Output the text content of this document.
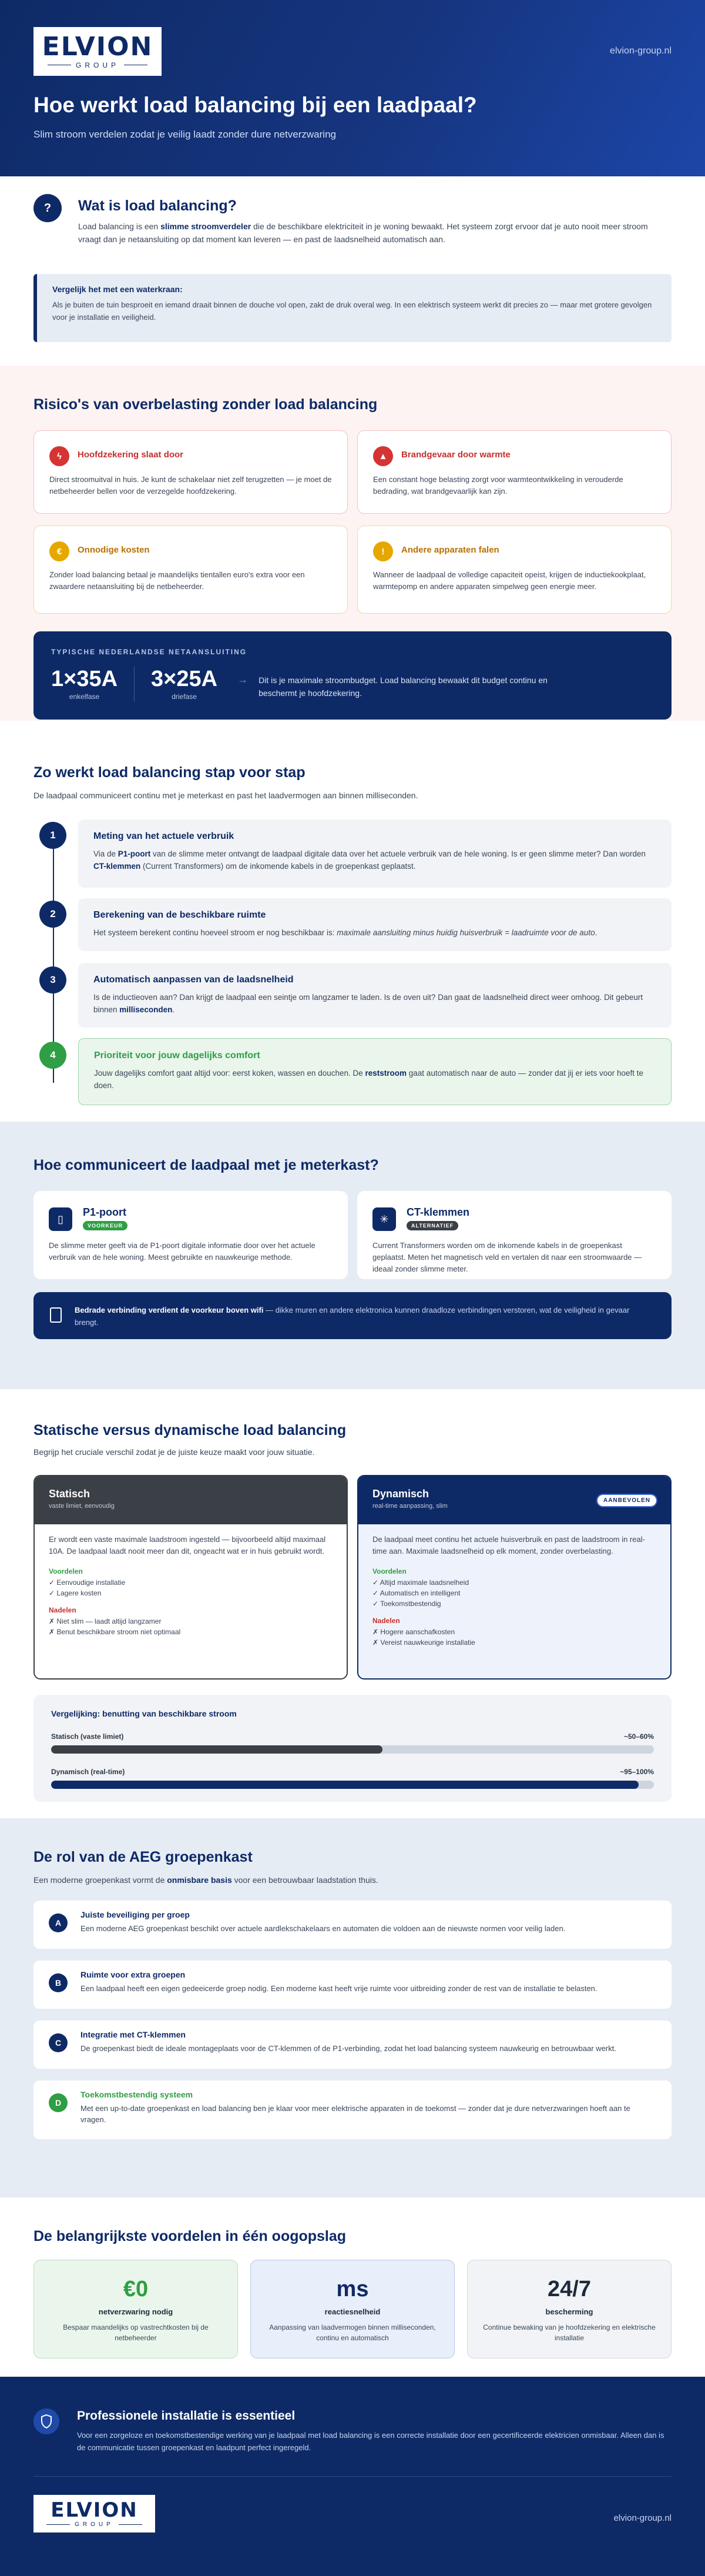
ELVION
GROUP
elvion-group.nl
Hoe werkt load balancing bij een laadpaal?
Slim stroom verdelen zodat je veilig laadt zonder dure netverzwaring
?	Wat is load balancing?
Load balancing is een slimme stroomverdeler die de beschikbare elektriciteit in je woning bewaakt. Het systeem zorgt ervoor dat je auto nooit meer stroom vraagt dan je netaansluiting op dat moment kan leveren — en past de laadsnelheid automatisch aan.
Vergelijk het met een waterkraan:
Als je buiten de tuin besproeit en iemand draait binnen de douche vol open, zakt de druk overal weg. In een elektrisch systeem werkt dit precies zo — maar met grotere gevolgen voor je installatie en veiligheid.
Risico's van overbelasting zonder load balancing
ϟ	Hoofdzekering slaat door
Direct stroomuitval in huis. Je kunt de schakelaar niet zelf terugzetten — je moet de netbeheerder bellen voor de verzegelde hoofdzekering.
▲	Brandgevaar door warmte
Een constant hoge belasting zorgt voor warmteontwikkeling in verouderde bedrading, wat brandgevaarlijk kan zijn.
€	Onnodige kosten
Zonder load balancing betaal je maandelijks tientallen euro's extra voor een zwaardere netaansluiting bij de netbeheerder.
!	Andere apparaten falen
Wanneer de laadpaal de volledige capaciteit opeist, krijgen de inductiekookplaat, warmtepomp en andere apparaten simpelweg geen energie meer.
TYPISCHE NEDERLANDSE NETAANSLUITING
1×35A
enkelfase
3×25A
driefase
→ Dit is je maximale stroombudget. Load balancing bewaakt dit budget continu en beschermt je hoofdzekering.
Zo werkt load balancing stap voor stap
De laadpaal communiceert continu met je meterkast en past het laadvermogen aan binnen milliseconden.
1	Meting van het actuele verbruik
Via de P1-poort van de slimme meter ontvangt de laadpaal digitale data over het actuele verbruik van de hele woning. Is er geen slimme meter? Dan worden CT-klemmen (Current Transformers) om de inkomende kabels in de groepenkast geplaatst.
2	Berekening van de beschikbare ruimte
Het systeem berekent continu hoeveel stroom er nog beschikbaar is: maximale aansluiting minus huidig huisverbruik = laadruimte voor de auto.
3	Automatisch aanpassen van de laadsnelheid
Is de inductieoven aan? Dan krijgt de laadpaal een seintje om langzamer te laden. Is de oven uit? Dan gaat de laadsnelheid direct weer omhoog. Dit gebeurt binnen milliseconden.
4	Prioriteit voor jouw dagelijks comfort
Jouw dagelijks comfort gaat altijd voor: eerst koken, wassen en douchen. De reststroom gaat automatisch naar de auto — zonder dat jij er iets voor hoeft te doen.
Hoe communiceert de laadpaal met je meterkast?
▯
P1-poort
VOORKEUR
De slimme meter geeft via de P1-poort digitale informatie door over het actuele verbruik van de hele woning. Meest gebruikte en nauwkeurige methode.
✳
CT-klemmen
ALTERNATIEF
Current Transformers worden om de inkomende kabels in de groepenkast geplaatst. Meten het magnetisch veld en vertalen dit naar een stroomwaarde — ideaal zonder slimme meter.
Bedrade verbinding verdient de voorkeur boven wifi — dikke muren en andere elektronica kunnen draadloze verbindingen verstoren, wat de veiligheid in gevaar brengt.
Statische versus dynamische load balancing
Begrijp het cruciale verschil zodat je de juiste keuze maakt voor jouw situatie.
Statisch
vaste limiet, eenvoudig
Er wordt een vaste maximale laadstroom ingesteld — bijvoorbeeld altijd maximaal 10A. De laadpaal laadt nooit meer dan dit, ongeacht wat er in huis gebruikt wordt.
Voordelen
✓ Eenvoudige installatie
✓ Lagere kosten
Nadelen
✗ Niet slim — laadt altijd langzamer
✗ Benut beschikbare stroom niet optimaal
Dynamisch
real-time aanpassing, slim
AANBEVOLEN
De laadpaal meet continu het actuele huisverbruik en past de laadstroom in real-time aan. Maximale laadsnelheid op elk moment, zonder overbelasting.
Voordelen
✓ Altijd maximale laadsnelheid
✓ Automatisch en intelligent
✓ Toekomstbestendig
Nadelen
✗ Hogere aanschafkosten
✗ Vereist nauwkeurige installatie
Vergelijking: benutting van beschikbare stroom
Statisch (vaste limiet)	~50–60%
Dynamisch (real-time)	~95–100%
De rol van de AEG groepenkast
Een moderne groepenkast vormt de onmisbare basis voor een betrouwbaar laadstation thuis.
A
Juiste beveiliging per groep
Een moderne AEG groepenkast beschikt over actuele aardlekschakelaars en automaten die voldoen aan de nieuwste normen voor veilig laden.
B
Ruimte voor extra groepen
Een laadpaal heeft een eigen gedeeicerde groep nodig. Een moderne kast heeft vrije ruimte voor uitbreiding zonder de rest van de installatie te belasten.
C
Integratie met CT-klemmen
De groepenkast biedt de ideale montageplaats voor de CT-klemmen of de P1-verbinding, zodat het load balancing systeem nauwkeurig en betrouwbaar werkt.
D
Toekomstbestendig systeem
Met een up-to-date groepenkast en load balancing ben je klaar voor meer elektrische apparaten in de toekomst — zonder dat je dure netverzwaringen hoeft aan te vragen.
De belangrijkste voordelen in één oogopslag
€0
netverzwaring nodig
Bespaar maandelijks op vastrechtkosten bij de netbeheerder
ms
reactiesnelheid
Aanpassing van laadvermogen binnen milliseconden, continu en automatisch
24/7
bescherming
Continue bewaking van je hoofdzekering en elektrische installatie
Professionele installatie is essentieel
Voor een zorgeloze en toekomstbestendige werking van je laadpaal met load balancing is een correcte installatie door een gecertificeerde elektricien onmisbaar. Alleen dan is de communicatie tussen groepenkast en laadpunt perfect ingeregeld.
ELVION
GROUP
elvion-group.nl
